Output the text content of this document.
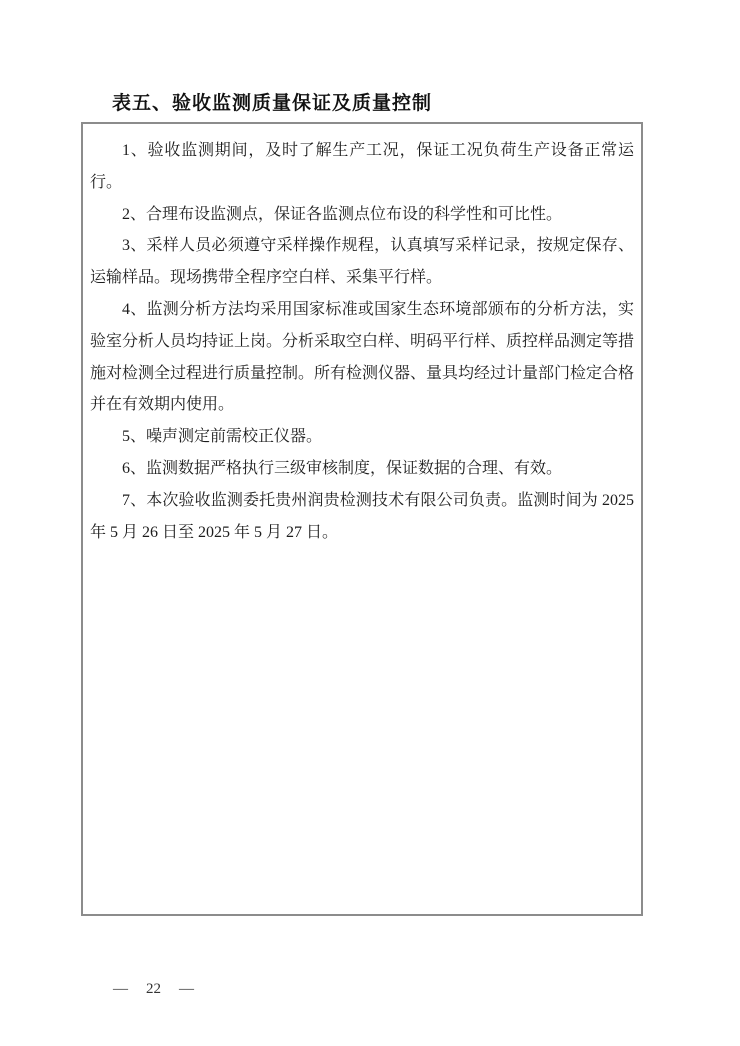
表五、验收监测质量保证及质量控制

1、验收监测期间，及时了解生产工况，保证工况负荷生产设备正常运行。

2、合理布设监测点，保证各监测点位布设的科学性和可比性。

3、采样人员必须遵守采样操作规程，认真填写采样记录，按规定保存、运输样品。现场携带全程序空白样、采集平行样。

4、监测分析方法均采用国家标准或国家生态环境部颁布的分析方法，实验室分析人员均持证上岗。分析采取空白样、明码平行样、质控样品测定等措施对检测全过程进行质量控制。所有检测仪器、量具均经过计量部门检定合格并在有效期内使用。

5、噪声测定前需校正仪器。

6、监测数据严格执行三级审核制度，保证数据的合理、有效。

7、本次验收监测委托贵州润贵检测技术有限公司负责。监测时间为 2025 年 5 月 26 日至 2025 年 5 月 27 日。

— 22 —
